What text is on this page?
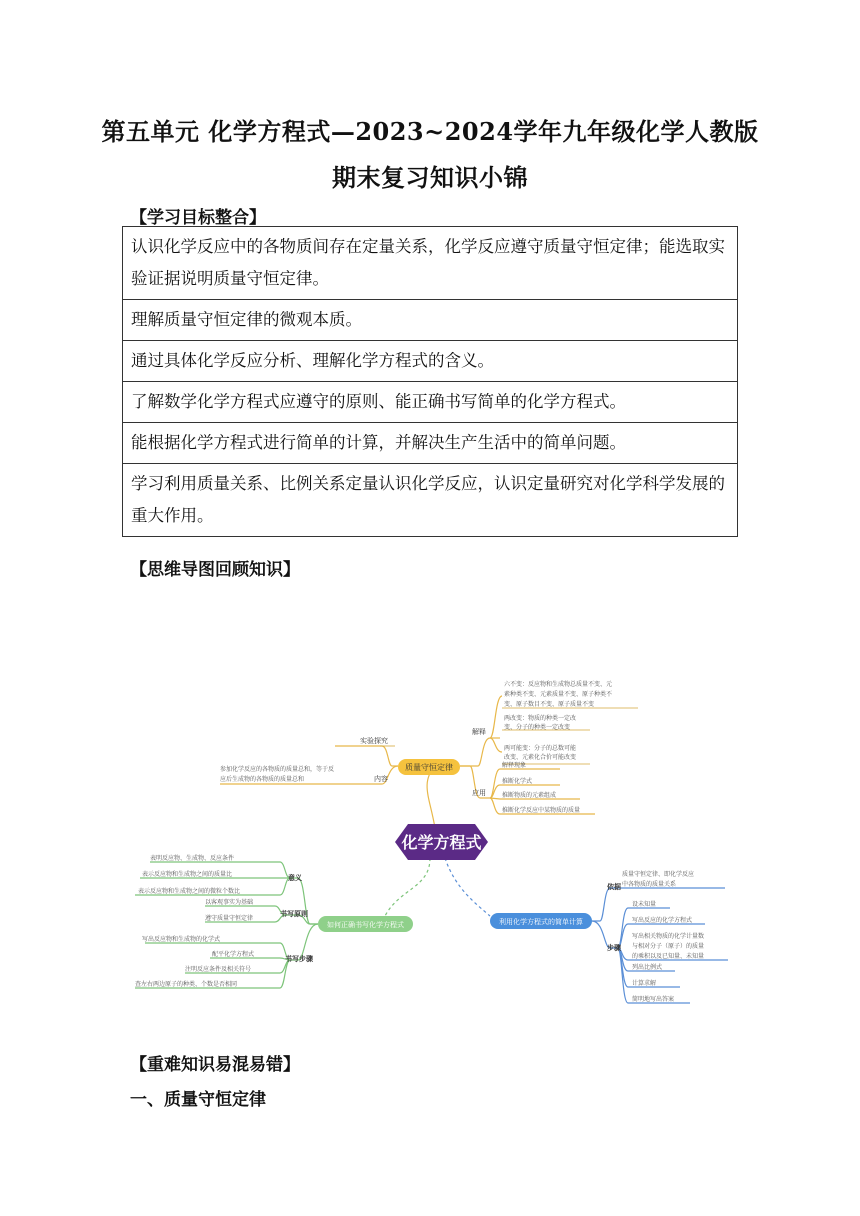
第五单元 化学方程式—2023~2024学年九年级化学人教版
期末复习知识小锦
【学习目标整合】
认识化学反应中的各物质间存在定量关系，化学反应遵守质量守恒定律；能选取实验证据说明质量守恒定律。
理解质量守恒定律的微观本质。
通过具体化学反应分析、理解化学方程式的含义。
了解数学化学方程式应遵守的原则、能正确书写简单的化学方程式。
能根据化学方程式进行简单的计算，并解决生产生活中的简单问题。
学习利用质量关系、比例关系定量认识化学反应，认识定量研究对化学科学发展的重大作用。
【思维导图回顾知识】
化学方程式
质量守恒定律
解释
六不变：反应物和生成物总质量不变、元
素种类不变、元素质量不变、原子种类不
变、原子数目不变、原子质量不变
两改变：物质的种类一定改
变、分子的种类一定改变
两可能变：分子的总数可能
改变、元素化合价可能改变
实验探究
内容
参加化学反应的各物质的质量总和，等于反
应后生成物的各物质的质量总和
应用
解释现象
推断化学式
推断物质的元素组成
推断化学反应中某物质的质量
如何正确书写化学方程式
意义
表明反应物、生成物、反应条件
表示反应物和生成物之间的质量比
表示反应物和生成物之间的微粒个数比
书写原则
以客观事实为基础
遵守质量守恒定律
书写步骤
写出反应物和生成物的化学式
配平化学方程式
注明反应条件及相关符号
查左右两边原子的种类、个数是否相同
利用化学方程式的简单计算
依据
质量守恒定律、即化学反应
中各物质的质量关系
步骤
设未知量
写出反应的化学方程式
写出相关物质的化学计量数
与相对分子（原子）的质量
的乘积以及已知量、未知量
列出比例式
计算求解
简明地写出答案
【重难知识易混易错】
一、质量守恒定律
